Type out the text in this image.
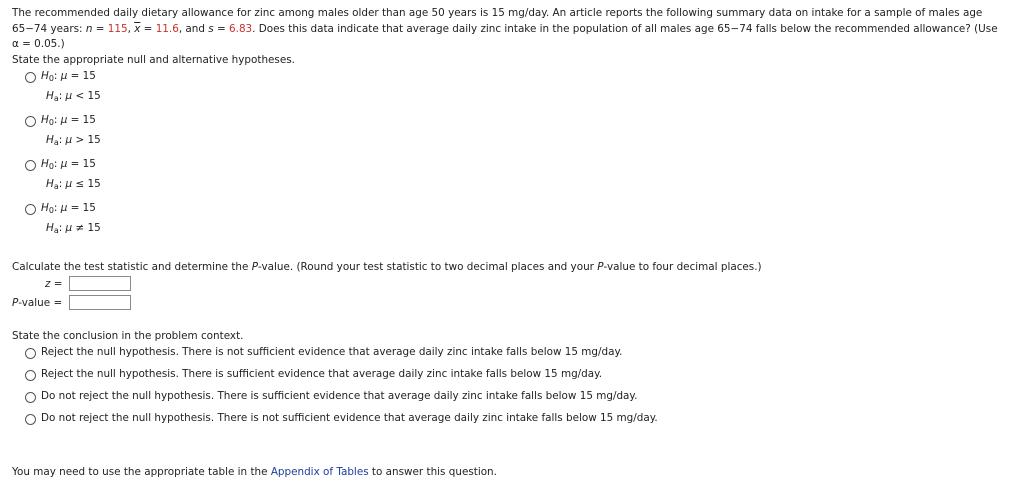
The recommended daily dietary allowance for zinc among males older than age 50 years is 15 mg/day. An article reports the following summary data on intake for a sample of males age
65−74 years: n = 115, $\overline{x} = 11.6$, and s = 6.83. Does this data indicate that average daily zinc intake in the population of all males age 65−74 falls below the recommended allowance? (Use
α = 0.05.)
State the appropriate null and alternative hypotheses.
$H_0$: μ = 15
$H_a$: μ < 15
$H_0$: μ = 15
$H_a$: μ > 15
$H_0$: μ = 15
$H_a$: μ ≤ 15
$H_0$: μ = 15
$H_a$: μ ≠ 15
Calculate the test statistic and determine the P-value. (Round your test statistic to two decimal places and your P-value to four decimal places.)
z =
P-value =
State the conclusion in the problem context.
Reject the null hypothesis. There is not sufficient evidence that average daily zinc intake falls below 15 mg/day.
Reject the null hypothesis. There is sufficient evidence that average daily zinc intake falls below 15 mg/day.
Do not reject the null hypothesis. There is sufficient evidence that average daily zinc intake falls below 15 mg/day.
Do not reject the null hypothesis. There is not sufficient evidence that average daily zinc intake falls below 15 mg/day.
You may need to use the appropriate table in the Appendix of Tables to answer this question.
